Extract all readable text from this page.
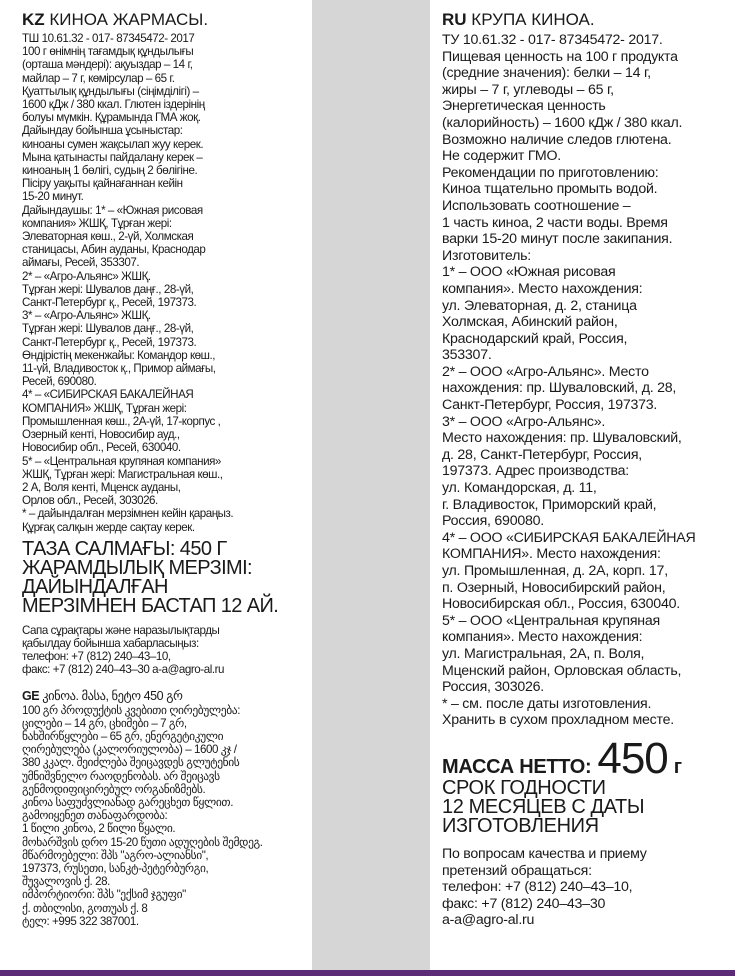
KZ КИНОА ЖАРМАСЫ.
ТШ 10.61.32 - 017- 87345472- 2017
100 г өнімнің тағамдық құндылығы
(орташа мәндері): ақуыздар – 14 г,
майлар – 7 г, көмірсулар – 65 г.
Қуаттылық құндылығы (сіңімділігі) –
1600 кДж / 380 ккал. Глютен іздерінің
болуы мүмкін. Құрамында ГМА жоқ.
Дайындау бойынша ұсыныстар:
киноаны сумен жақсылап жуу керек.
Мына қатынасты пайдалану керек –
киноаның 1 бөлігі, судың 2 бөлігіне.
Пісіру уақыты қайнағаннан кейін
15-20 минут.
Дайындаушы: 1* – «Южная рисовая
компания» ЖШҚ, Тұрған жері:
Элеваторная көш., 2-үй, Холмская
станицасы, Абин ауданы, Краснодар
аймағы, Ресей, 353307.
2* – «Агро-Альянс» ЖШҚ.
Тұрған жері: Шувалов даңғ., 28-үй,
Санкт-Петербург қ., Ресей, 197373.
3* – «Агро-Альянс» ЖШҚ.
Тұрған жері: Шувалов даңғ., 28-үй,
Санкт-Петербург қ., Ресей, 197373.
Өндірістің мекенжайы: Командор көш.,
11-үй, Владивосток қ., Примор аймағы,
Ресей, 690080.
4* – «СИБИРСКАЯ БАКАЛЕЙНАЯ
КОМПАНИЯ» ЖШҚ, Тұрған жері:
Промышленная көш., 2А-үй, 17-корпус ,
Озерный кенті, Новосибир ауд.,
Новосибир обл., Ресей, 630040.
5* – «Центральная крупяная компания»
ЖШҚ, Тұрған жері: Магистральная көш.,
2 А, Воля кенті, Мценск ауданы,
Орлов обл., Ресей, 303026.
* – дайындалған мерзімнен кейін қараңыз.
Құрғақ салқын жерде сақтау керек.
ТАЗА САЛМАҒЫ: 450 Г
ЖАРАМДЫЛЫҚ МЕРЗІМІ:
ДАЙЫНДАЛҒАН
МЕРЗІМНЕН БАСТАП 12 АЙ.
Сапа сұрақтары және наразылықтарды
қабылдау бойынша хабарласыңыз:
телефон: +7 (812) 240–43–10,
факс: +7 (812) 240–43–30 a-a@agro-al.ru
GE კინოა. მასა, ნეტო 450 გრ
100 გრ პროდუქტის კვებითი ღირებულება:
ცილები – 14 გრ, ცხიმები – 7 გრ,
ნახშირწყლები – 65 გრ, ენერგეტიკული
ღირებულება (კალორიულობა) – 1600 კჯ /
380 კკალ. შეიძლება შეიცავდეს გლუტენის
უმნიშვნელო რაოდენობას. არ შეიცავს
გენმოდიფიცირებულ ორგანიზმებს.
კინოა საფუძვლიანად გარეცხეთ წყლით.
გამოიყენეთ თანაფარდობა:
1 წილი კინოა, 2 წილი წყალი.
მოხარშვის დრო 15-20 წუთი ადუღების შემდეგ.
მწარმოებელი: შპს "აგრო-ალიანსი",
197373, რუსეთი, სანკტ-პეტერბურგი,
შუვალოვის ქ. 28.
იმპორტიორი: შპს "ექსიმ ჯგუფი"
ქ. თბილისი, გოთუას ქ. 8
ტელ: +995 322 387001.
RU КРУПА КИНОА.
ТУ 10.61.32 - 017- 87345472- 2017.
Пищевая ценность на 100 г продукта
(средние значения): белки – 14 г,
жиры – 7 г, углеводы – 65 г,
Энергетическая ценность
(калорийность) – 1600 кДж / 380 ккал.
Возможно наличие следов глютена.
Не содержит ГМО.
Рекомендации по приготовлению:
Киноа тщательно промыть водой.
Использовать соотношение –
1 часть киноа, 2 части воды. Время
варки 15-20 минут после закипания.
Изготовитель:
1* – ООО «Южная рисовая
компания». Место нахождения:
ул. Элеваторная, д. 2, станица
Холмская, Абинский район,
Краснодарский край, Россия,
353307.
2* – ООО «Агро-Альянс». Место
нахождения: пр. Шуваловский, д. 28,
Санкт-Петербург, Россия, 197373.
3* – ООО «Агро-Альянс».
Место нахождения: пр. Шуваловский,
д. 28, Санкт-Петербург, Россия,
197373. Адрес производства:
ул. Командорская, д. 11,
г. Владивосток, Приморский край,
Россия, 690080.
4* – ООО «СИБИРСКАЯ БАКАЛЕЙНАЯ
КОМПАНИЯ». Место нахождения:
ул. Промышленная, д. 2А, корп. 17,
п. Озерный, Новосибирский район,
Новосибирская обл., Россия, 630040.
5* – ООО «Центральная крупяная
компания». Место нахождения:
ул. Магистральная, 2А, п. Воля,
Мценский район, Орловская область,
Россия, 303026.
* – см. после даты изготовления.
Хранить в сухом прохладном месте.
МАССА НЕТТО: 450 г
СРОК ГОДНОСТИ
12 МЕСЯЦЕВ С ДАТЫ
ИЗГОТОВЛЕНИЯ
По вопросам качества и приему
претензий обращаться:
телефон: +7 (812) 240–43–10,
факс: +7 (812) 240–43–30
a-a@agro-al.ru
